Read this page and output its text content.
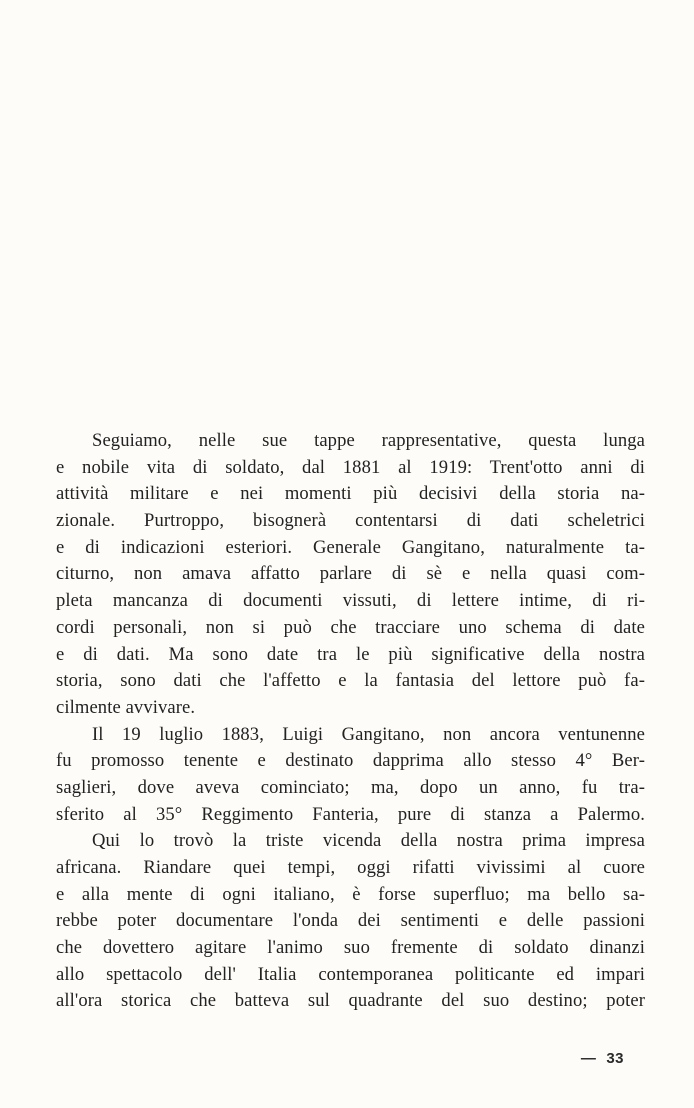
Seguiamo, nelle sue tappe rappresentative, questa lunga
e nobile vita di soldato, dal 1881 al 1919: Trent'otto anni di
attività militare e nei momenti più decisivi della storia na-
zionale. Purtroppo, bisognerà contentarsi di dati scheletrici
e di indicazioni esteriori. Generale Gangitano, naturalmente ta-
citurno, non amava affatto parlare di sè e nella quasi com-
pleta mancanza di documenti vissuti, di lettere intime, di ri-
cordi personali, non si può che tracciare uno schema di date
e di dati. Ma sono date tra le più significative della nostra
storia, sono dati che l'affetto e la fantasia del lettore può fa-
cilmente avvivare.
Il 19 luglio 1883, Luigi Gangitano, non ancora ventunenne
fu promosso tenente e destinato dapprima allo stesso 4° Ber-
saglieri, dove aveva cominciato; ma, dopo un anno, fu tra-
sferito al 35° Reggimento Fanteria, pure di stanza a Palermo.
Qui lo trovò la triste vicenda della nostra prima impresa
africana. Riandare quei tempi, oggi rifatti vivissimi al cuore
e alla mente di ogni italiano, è forse superfluo; ma bello sa-
rebbe poter documentare l'onda dei sentimenti e delle passioni
che dovettero agitare l'animo suo fremente di soldato dinanzi
allo spettacolo dell' Italia contemporanea politicante ed impari
all'ora storica che batteva sul quadrante del suo destino; poter
— 33
